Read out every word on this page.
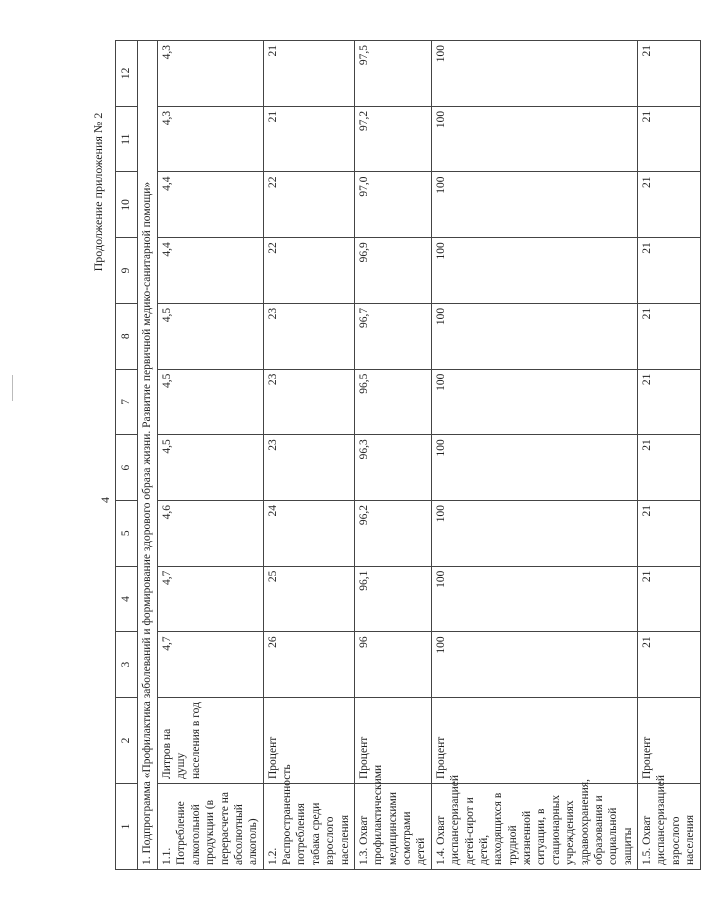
Продолжение приложения № 2
4
1	2	3	4	5	6	7	8	9	10	11	12
1. Подпрограмма «Профилактика заболеваний и формирование здорового образа жизни. Развитие первичной медико-санитарной помощи»											
1.1. Потребление алкогольной продукции (в перерасчете на абсолютный алкоголь)	Литров на душу населения в год	4,7	4,7	4,6	4,5	4,5	4,5	4,4	4,4	4,3	4,3
1.2. Распространенность потребления табака среди взрослого населения	Процент	26	25	24	23	23	23	22	22	21	21
1.3. Охват профилактическими медицинскими осмотрами детей	Процент	96	96,1	96,2	96,3	96,5	96,7	96,9	97,0	97,2	97,5
1.4. Охват диспансеризацией детей-сирот и детей, находящихся в трудной жизненной ситуации, в стационарных учреждениях здравоохранения, образования и социальной защиты	Процент	100	100	100	100	100	100	100	100	100	100
1.5. Охват диспансеризацией взрослого населения	Процент	21	21	21	21	21	21	21	21	21	21
